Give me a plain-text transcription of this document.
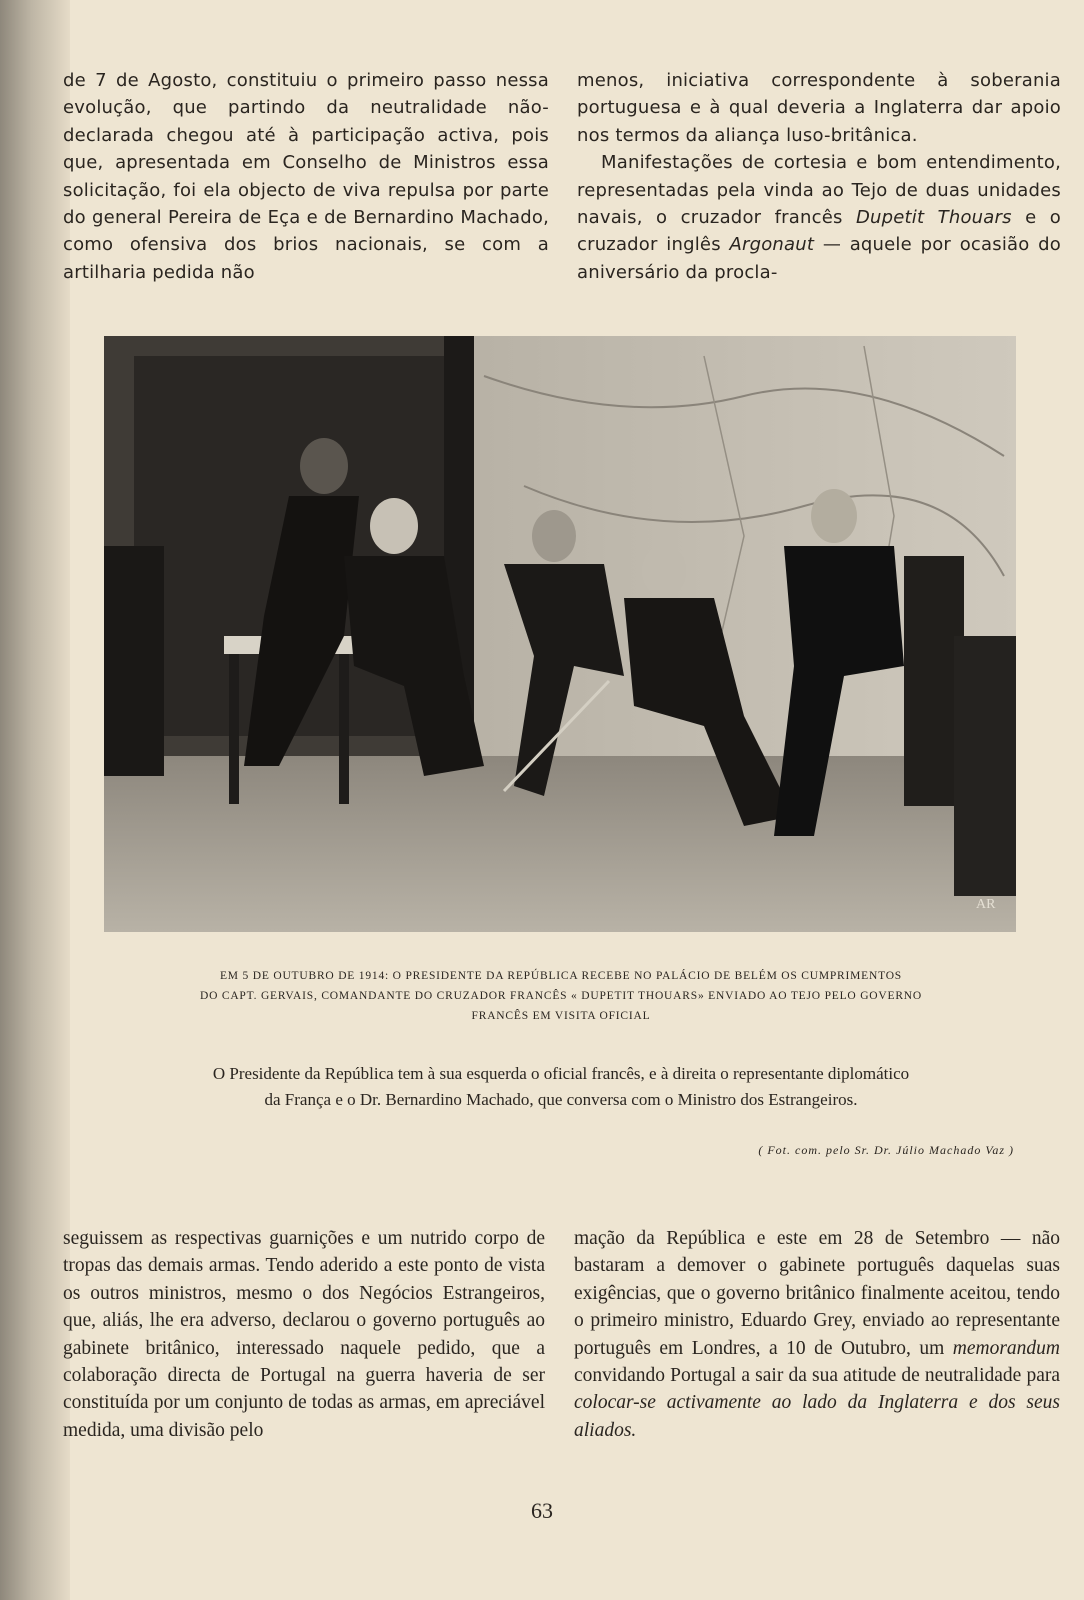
de 7 de Agosto, constituiu o primeiro passo nessa evolução, que partindo da neutralidade não-declarada chegou até à participação activa, pois que, apresentada em Conselho de Ministros essa solicitação, foi ela objecto de viva repulsa por parte do general Pereira de Eça e de Bernardino Machado, como ofensiva dos brios nacionais, se com a artilharia pedida não

menos, iniciativa correspondente à soberania portuguesa e à qual deveria a Inglaterra dar apoio nos termos da aliança luso-britânica.

Manifestações de cortesia e bom entendimento, representadas pela vinda ao Tejo de duas unidades navais, o cruzador francês Dupetit Thouars e o cruzador inglês Argonaut — aquele por ocasião do aniversário da procla-

AR
EM 5 DE OUTUBRO DE 1914: O PRESIDENTE DA REPÚBLICA RECEBE NO PALÁCIO DE BELÉM OS CUMPRIMENTOS
DO CAPT. GERVAIS, COMANDANTE DO CRUZADOR FRANCÊS « DUPETIT THOUARS» ENVIADO AO TEJO PELO GOVERNO
FRANCÊS EM VISITA OFICIAL
O Presidente da República tem à sua esquerda o oficial francês, e à direita o representante diplomático
da França e o Dr. Bernardino Machado, que conversa com o Ministro dos Estrangeiros.
( Fot. com. pelo Sr. Dr. Júlio Machado Vaz )

seguissem as respectivas guarnições e um nutrido corpo de tropas das demais armas. Tendo aderido a este ponto de vista os outros ministros, mesmo o dos Negócios Estrangeiros, que, aliás, lhe era adverso, declarou o governo português ao gabinete britânico, interessado naquele pedido, que a colaboração directa de Portugal na guerra haveria de ser constituída por um conjunto de todas as armas, em apreciável medida, uma divisão pelo

mação da República e este em 28 de Setembro — não bastaram a demover o gabinete português daquelas suas exigências, que o governo britânico finalmente aceitou, tendo o primeiro ministro, Eduardo Grey, enviado ao representante português em Londres, a 10 de Outubro, um memorandum convidando Portugal a sair da sua atitude de neutralidade para colocar-se activamente ao lado da Inglaterra e dos seus aliados.

63
